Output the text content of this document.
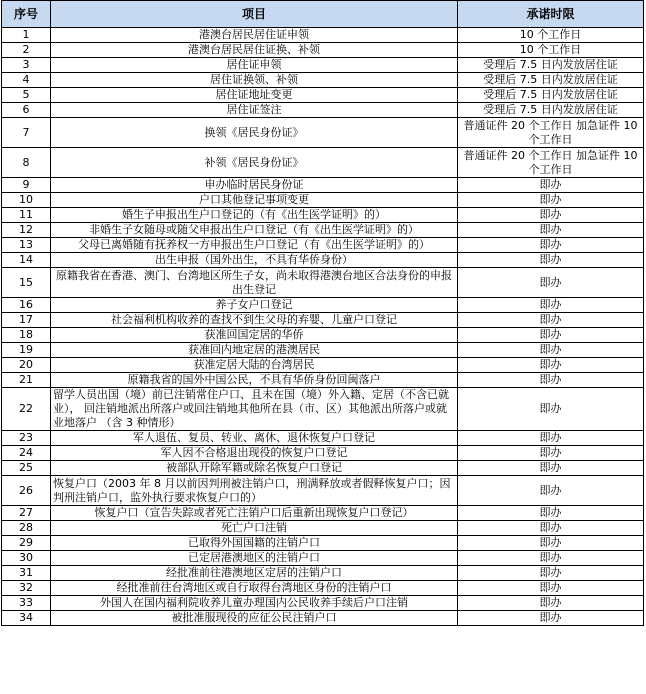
序号	项目	承诺时限
1	港澳台居民居住证申领	10 个工作日
2	港澳台居民居住证换、补领	10 个工作日
3	居住证申领	受理后 7.5 日内发放居住证
4	居住证换领、补领	受理后 7.5 日内发放居住证
5	居住证地址变更	受理后 7.5 日内发放居住证
6	居住证签注	受理后 7.5 日内发放居住证
7	换领《居民身份证》	普通证件 20 个工作日 加急证件 10 个工作日
8	补领《居民身份证》	普通证件 20 个工作日 加急证件 10 个工作日
9	申办临时居民身份证	即办
10	户口其他登记事项变更	即办
11	婚生子申报出生户口登记的（有《出生医学证明》的）	即办
12	非婚生子女随母或随父申报出生户口登记（有《出生医学证明》的）	即办
13	父母已离婚随有抚养权一方申报出生户口登记（有《出生医学证明》的）	即办
14	出生申报（国外出生，不具有华侨身份）	即办
15	原籍我省在香港、澳门、台湾地区所生子女，尚未取得港澳台地区合法身份的申报出生登记	即办
16	养子女户口登记	即办
17	社会福利机构收养的查找不到生父母的弃婴、儿童户口登记	即办
18	获准回国定居的华侨	即办
19	获准回内地定居的港澳居民	即办
20	获准定居大陆的台湾居民	即办
21	原籍我省的国外中国公民，不具有华侨身份回闽落户	即办
22	留学人员出国（境）前已注销常住户口、且未在国（境）外入籍、定居（不含已就业）， 回注销地派出所落户或回注销地其他所在县（市、区）其他派出所落户或就业地落户 （含 3 种情形）	即办
23	军人退伍、复员、转业、离休、退休恢复户口登记	即办
24	军人因不合格退出现役的恢复户口登记	即办
25	被部队开除军籍或除名恢复户口登记	即办
26	恢复户口（2003 年 8 月以前因判刑被注销户口，刑满释放或者假释恢复户口；因判刑注销户口，监外执行要求恢复户口的）	即办
27	恢复户口（宣告失踪或者死亡注销户口后重新出现恢复户口登记）	即办
28	死亡户口注销	即办
29	已取得外国国籍的注销户口	即办
30	已定居港澳地区的注销户口	即办
31	经批准前往港澳地区定居的注销户口	即办
32	经批准前往台湾地区或自行取得台湾地区身份的注销户口	即办
33	外国人在国内福利院收养儿童办理国内公民收养手续后户口注销	即办
34	被批准服现役的应征公民注销户口	即办
